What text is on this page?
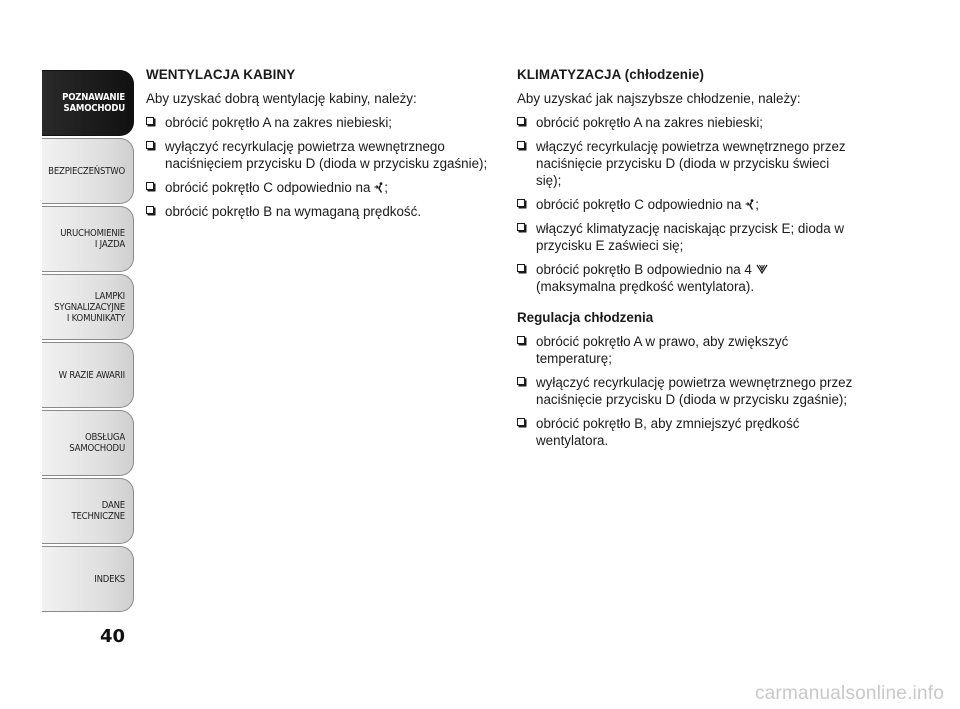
POZNAWANIE
SAMOCHODU
BEZPIECZEŃSTWO
URUCHOMIENIE
I JAZDA
LAMPKI
SYGNALIZACYJNE
I KOMUNIKATY
W RAZIE AWARII
OBSŁUGA
SAMOCHODU
DANE
TECHNICZNE
INDEKS
40

WENTYLACJA KABINY

Aby uzyskać dobrą wentylację kabiny, należy:

obrócić pokrętło A na zakres niebieski;
wyłączyć recyrkulację powietrza wewnętrznego naciśnięciem przycisku D (dioda w przycisku zgaśnie);
obrócić pokrętło C odpowiednio na ;
obrócić pokrętło B na wymaganą prędkość.

KLIMATYZACJA (chłodzenie)

Aby uzyskać jak najszybsze chłodzenie, należy:

obrócić pokrętło A na zakres niebieski;
włączyć recyrkulację powietrza wewnętrznego przez naciśnięcie przycisku D (dioda w przycisku świeci się);
obrócić pokrętło C odpowiednio na ;
włączyć klimatyzację naciskając przycisk E; dioda w przycisku E zaświeci się;
obrócić pokrętło B odpowiednio na 4
(maksymalna prędkość wentylatora).

Regulacja chłodzenia

obrócić pokrętło A w prawo, aby zwiększyć temperaturę;
wyłączyć recyrkulację powietrza wewnętrznego przez naciśnięcie przycisku D (dioda w przycisku zgaśnie);
obrócić pokrętło B, aby zmniejszyć prędkość wentylatora.
carmanualsonline.info
